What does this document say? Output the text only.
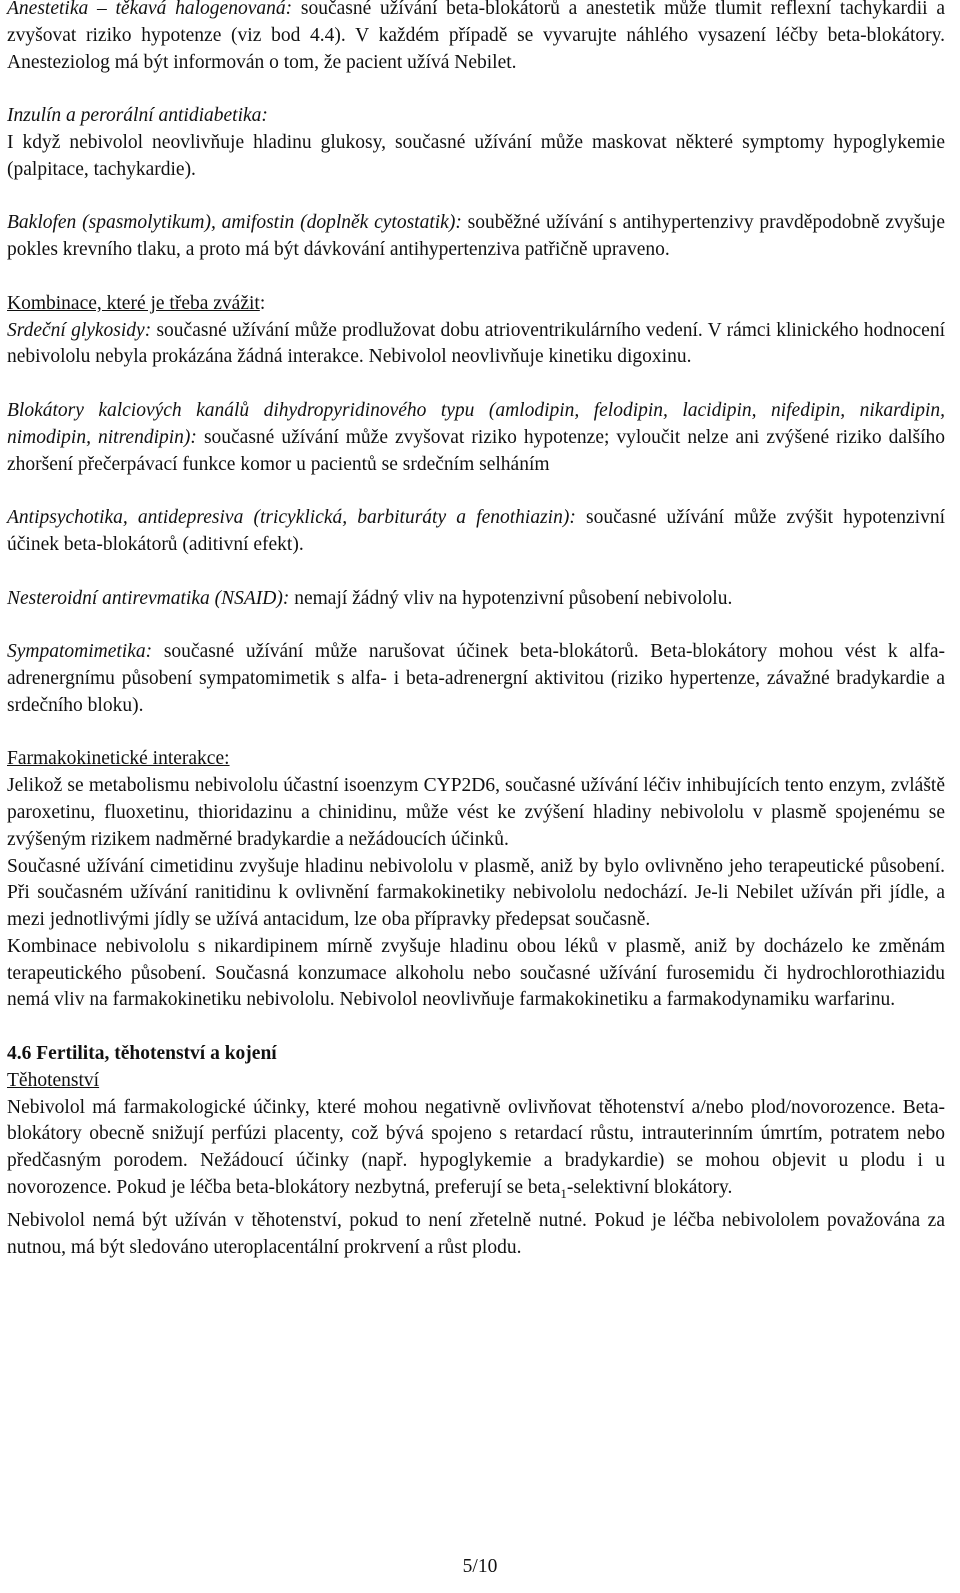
Anestetika – těkavá halogenovaná: současné užívání beta-blokátorů a anestetik může tlumit reflexní tachykardii a zvyšovat riziko hypotenze (viz bod 4.4). V každém případě se vyvarujte náhlého vysazení léčby beta-blokátory. Anesteziolog má být informován o tom, že pacient užívá Nebilet.

Inzulín a perorální antidiabetika:

I když nebivolol neovlivňuje hladinu glukosy, současné užívání může maskovat některé symptomy hypoglykemie (palpitace, tachykardie).

Baklofen (spasmolytikum), amifostin (doplněk cytostatik): souběžné užívání s antihypertenzivy pravděpodobně zvyšuje pokles krevního tlaku, a proto má být dávkování antihypertenziva patřičně upraveno.

Kombinace, které je třeba zvážit:

Srdeční glykosidy: současné užívání může prodlužovat dobu atrioventrikulárního vedení. V rámci klinického hodnocení nebivololu nebyla prokázána žádná interakce. Nebivolol neovlivňuje kinetiku digoxinu.

Blokátory kalciových kanálů dihydropyridinového typu (amlodipin, felodipin, lacidipin, nifedipin, nikardipin, nimodipin, nitrendipin): současné užívání může zvyšovat riziko hypotenze; vyloučit nelze ani zvýšené riziko dalšího zhoršení přečerpávací funkce komor u pacientů se srdečním selháním

Antipsychotika, antidepresiva (tricyklická, barbituráty a fenothiazin): současné užívání může zvýšit hypotenzivní účinek beta-blokátorů (aditivní efekt).

Nesteroidní antirevmatika (NSAID): nemají žádný vliv na hypotenzivní působení nebivololu.

Sympatomimetika: současné užívání může narušovat účinek beta-blokátorů. Beta-blokátory mohou vést k alfa-adrenergnímu působení sympatomimetik s alfa- i beta-adrenergní aktivitou (riziko hypertenze, závažné bradykardie a srdečního bloku).

Farmakokinetické interakce:

Jelikož se metabolismu nebivololu účastní isoenzym CYP2D6, současné užívání léčiv inhibujících tento enzym, zvláště paroxetinu, fluoxetinu, thioridazinu a chinidinu, může vést ke zvýšení hladiny nebivololu v plasmě spojenému se zvýšeným rizikem nadměrné bradykardie a nežádoucích účinků.

Současné užívání cimetidinu zvyšuje hladinu nebivololu v plasmě, aniž by bylo ovlivněno jeho terapeutické působení. Při současném užívání ranitidinu k ovlivnění farmakokinetiky nebivololu nedochází. Je-li Nebilet užíván při jídle, a mezi jednotlivými jídly se užívá antacidum, lze oba přípravky předepsat současně.

Kombinace nebivololu s nikardipinem mírně zvyšuje hladinu obou léků v plasmě, aniž by docházelo ke změnám terapeutického působení. Současná konzumace alkoholu nebo současné užívání furosemidu či hydrochlorothiazidu nemá vliv na farmakokinetiku nebivololu. Nebivolol neovlivňuje farmakokinetiku a farmakodynamiku warfarinu.

4.6 Fertilita, těhotenství a kojení

Těhotenství

Nebivolol má farmakologické účinky, které mohou negativně ovlivňovat těhotenství a/nebo plod/novorozence. Beta-blokátory obecně snižují perfúzi placenty, což bývá spojeno s retardací růstu, intrauterinním úmrtím, potratem nebo předčasným porodem. Nežádoucí účinky (např. hypoglykemie a bradykardie) se mohou objevit u plodu i u novorozence. Pokud je léčba beta-blokátory nezbytná, preferují se beta$_1$-selektivní blokátory.

Nebivolol nemá být užíván v těhotenství, pokud to není zřetelně nutné. Pokud je léčba nebivololem považována za nutnou, má být sledováno uteroplacentální prokrvení a růst plodu.

5/10
